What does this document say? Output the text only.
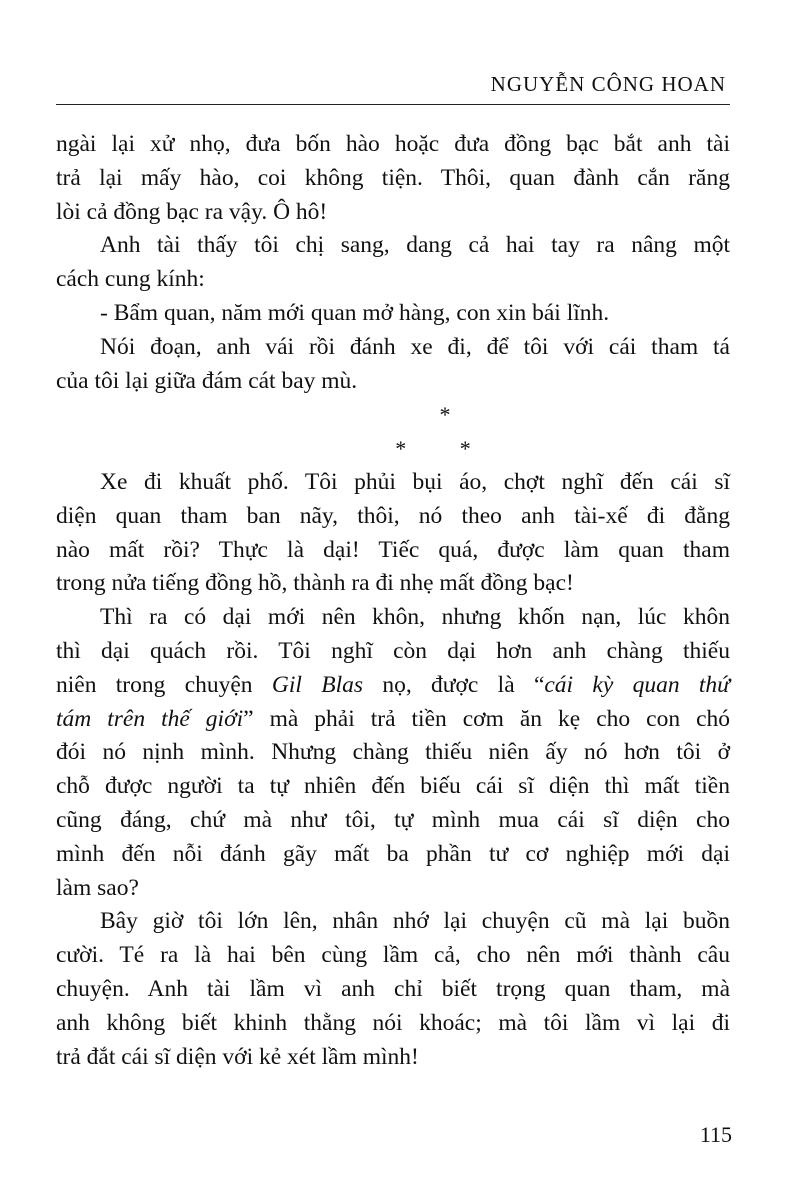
NGUYỄN CÔNG HOAN
ngài lại xử nhọ, đưa bốn hào hoặc đưa đồng bạc bắt anh tài
trả lại mấy hào, coi không tiện. Thôi, quan đành cắn răng
lòi cả đồng bạc ra vậy. Ô hô!
Anh tài thấy tôi chị sang, dang cả hai tay ra nâng một
cách cung kính:
- Bẩm quan, năm mới quan mở hàng, con xin bái lĩnh.
Nói đoạn, anh vái rồi đánh xe đi, để tôi với cái tham tá
của tôi lại giữa đám cát bay mù.
*
* *
Xe đi khuất phố. Tôi phủi bụi áo, chợt nghĩ đến cái sĩ
diện quan tham ban nãy, thôi, nó theo anh tài-xế đi đằng
nào mất rồi? Thực là dại! Tiếc quá, được làm quan tham
trong nửa tiếng đồng hồ, thành ra đi nhẹ mất đồng bạc!
Thì ra có dại mới nên khôn, nhưng khốn nạn, lúc khôn
thì dại quách rồi. Tôi nghĩ còn dại hơn anh chàng thiếu
niên trong chuyện Gil Blas nọ, được là “cái kỳ quan thứ
tám trên thế giới” mà phải trả tiền cơm ăn kẹ cho con chó
đói nó nịnh mình. Nhưng chàng thiếu niên ấy nó hơn tôi ở
chỗ được người ta tự nhiên đến biếu cái sĩ diện thì mất tiền
cũng đáng, chứ mà như tôi, tự mình mua cái sĩ diện cho
mình đến nỗi đánh gãy mất ba phần tư cơ nghiệp mới dại
làm sao?
Bây giờ tôi lớn lên, nhân nhớ lại chuyện cũ mà lại buồn
cười. Té ra là hai bên cùng lầm cả, cho nên mới thành câu
chuyện. Anh tài lầm vì anh chỉ biết trọng quan tham, mà
anh không biết khinh thằng nói khoác; mà tôi lầm vì lại đi
trả đắt cái sĩ diện với kẻ xét lầm mình!
115
